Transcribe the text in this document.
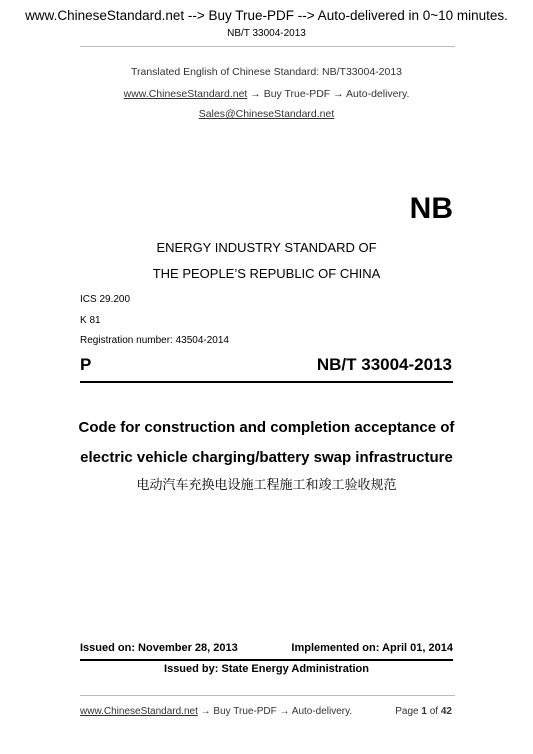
www.ChineseStandard.net --> Buy True-PDF --> Auto-delivered in 0~10 minutes.
NB/T 33004-2013
Translated English of Chinese Standard: NB/T33004-2013
www.ChineseStandard.net → Buy True-PDF → Auto-delivery.
Sales@ChineseStandard.net
NB
ENERGY INDUSTRY STANDARD OF
THE PEOPLE’S REPUBLIC OF CHINA
ICS 29.200
K 81
Registration number: 43504-2014
P	NB/T 33004-2013
Code for construction and completion acceptance of
electric vehicle charging/battery swap infrastructure
电动汽车充换电设施工程施工和竣工验收规范
Issued on: November 28, 2013	Implemented on: April 01, 2014
Issued by: State Energy Administration
www.ChineseStandard.net → Buy True-PDF → Auto-delivery.	Page 1 of 42
